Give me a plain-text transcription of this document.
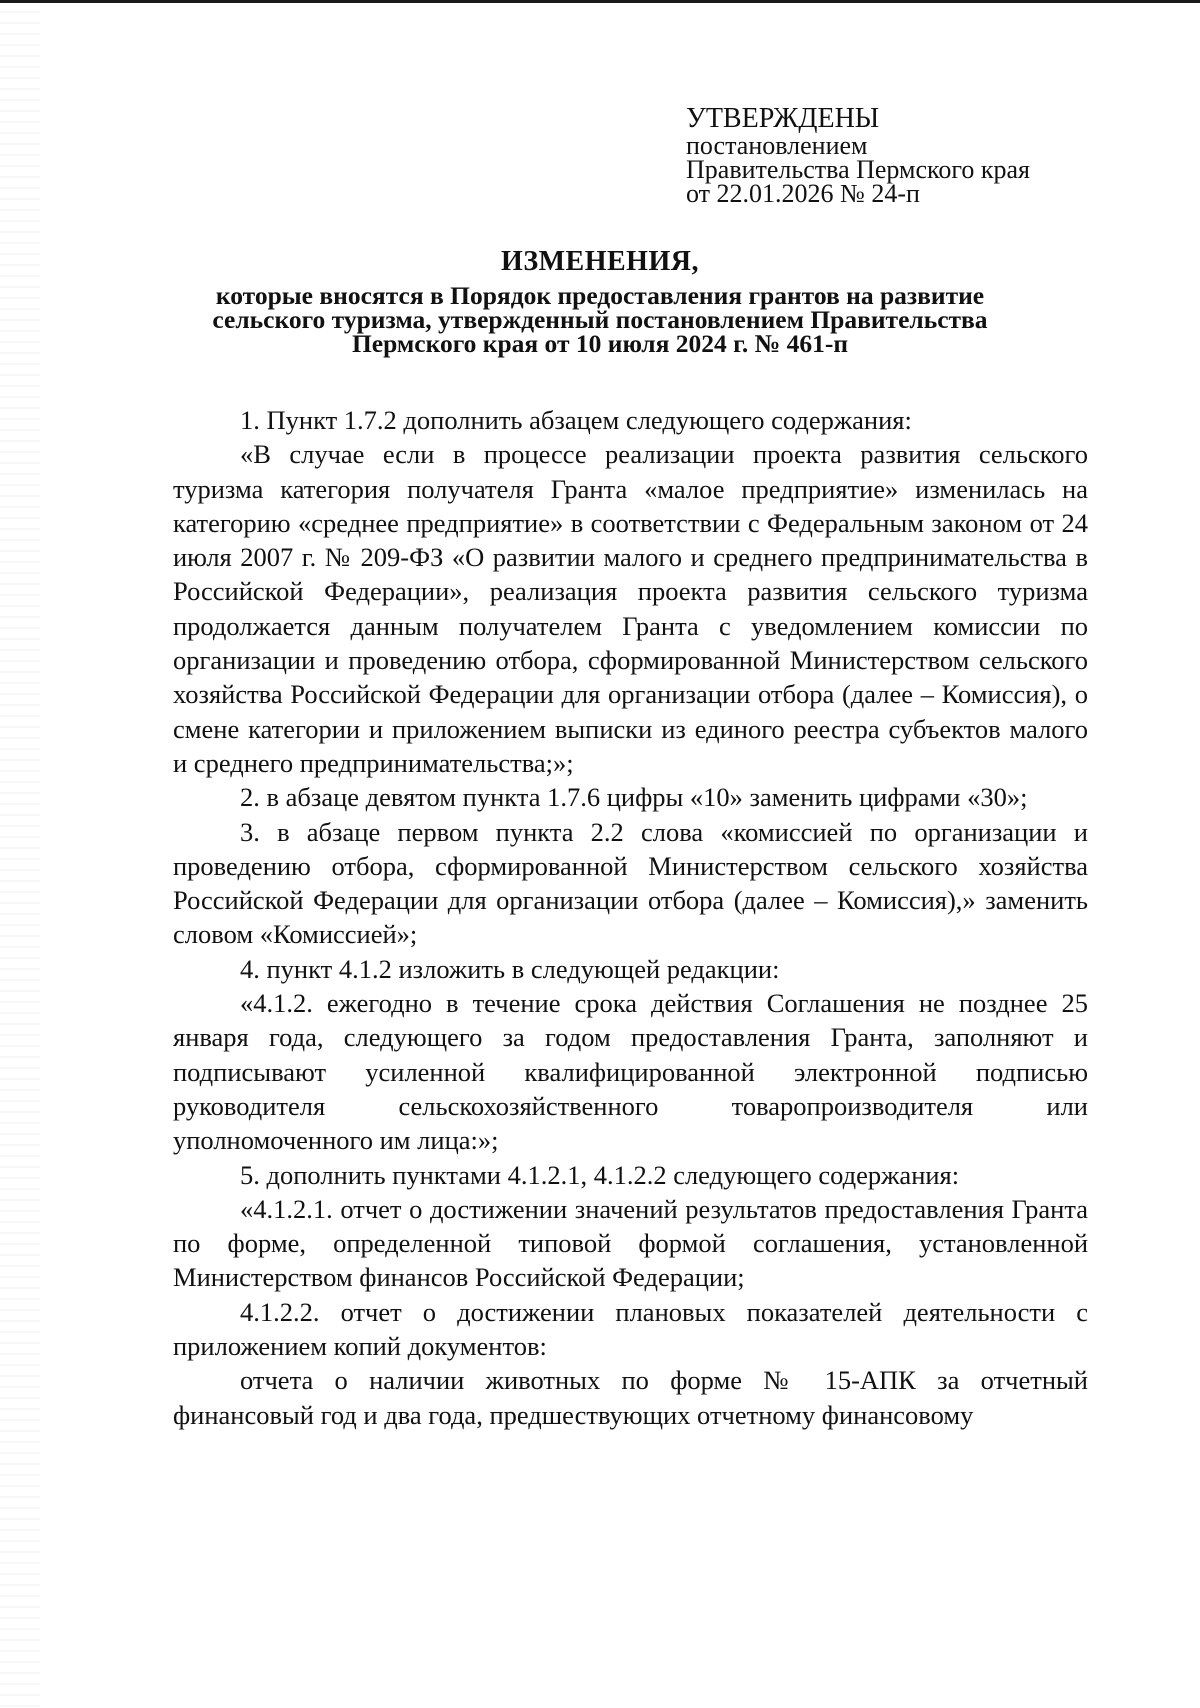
УТВЕРЖДЕНЫ
постановлением
Правительства Пермского края
от 22.01.2026 № 24-п
ИЗМЕНЕНИЯ,
которые вносятся в Порядок предоставления грантов на развитие
сельского туризма, утвержденный постановлением Правительства
Пермского края от 10 июля 2024 г. № 461-п

1. Пункт 1.7.2 дополнить абзацем следующего содержания:

«В случае если в процессе реализации проекта развития сельского туризма категория получателя Гранта «малое предприятие» изменилась на категорию «среднее предприятие» в соответствии с Федеральным законом от 24 июля 2007 г. № 209-ФЗ «О развитии малого и среднего предпринимательства в Российской Федерации», реализация проекта развития сельского туризма продолжается данным получателем Гранта с уведомлением комиссии по организации и проведению отбора, сформированной Министерством сельского хозяйства Российской Федерации для организации отбора (далее – Комиссия), о смене категории и приложением выписки из единого реестра субъектов малого и среднего предпринимательства;»;

2. в абзаце девятом пункта 1.7.6 цифры «10» заменить цифрами «30»;

3. в абзаце первом пункта 2.2 слова «комиссией по организации и проведению отбора, сформированной Министерством сельского хозяйства Российской Федерации для организации отбора (далее – Комиссия),» заменить словом «Комиссией»;

4. пункт 4.1.2 изложить в следующей редакции:

«4.1.2. ежегодно в течение срока действия Соглашения не позднее 25 января года, следующего за годом предоставления Гранта, заполняют и подписывают усиленной квалифицированной электронной подписью руководителя сельскохозяйственного товаропроизводителя или уполномоченного им лица:»;

5. дополнить пунктами 4.1.2.1, 4.1.2.2 следующего содержания:

«4.1.2.1. отчет о достижении значений результатов предоставления Гранта по форме, определенной типовой формой соглашения, установленной Министерством финансов Российской Федерации;

4.1.2.2. отчет о достижении плановых показателей деятельности с приложением копий документов:

отчета о наличии животных по форме № 15-АПК за отчетный финансовый год и два года, предшествующих отчетному финансовому
